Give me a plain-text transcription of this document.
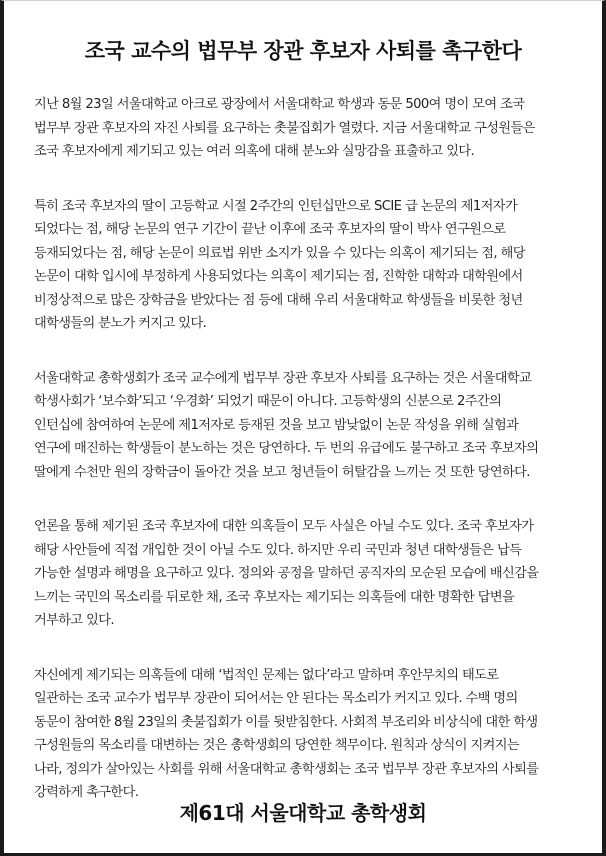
조국 교수의 법무부 장관 후보자 사퇴를 촉구한다

지난 8월 23일 서울대학교 아크로 광장에서 서울대학교 학생과 동문 500여 명이 모여 조국
법무부 장관 후보자의 자진 사퇴를 요구하는 촛불집회가 열렸다. 지금 서울대학교 구성원들은
조국 후보자에게 제기되고 있는 여러 의혹에 대해 분노와 실망감을 표출하고 있다.

특히 조국 후보자의 딸이 고등학교 시절 2주간의 인턴십만으로 SCIE 급 논문의 제1저자가
되었다는 점, 해당 논문의 연구 기간이 끝난 이후에 조국 후보자의 딸이 박사 연구원으로
등재되었다는 점, 해당 논문이 의료법 위반 소지가 있을 수 있다는 의혹이 제기되는 점, 해당
논문이 대학 입시에 부정하게 사용되었다는 의혹이 제기되는 점, 진학한 대학과 대학원에서
비정상적으로 많은 장학금을 받았다는 점 등에 대해 우리 서울대학교 학생들을 비롯한 청년
대학생들의 분노가 커지고 있다.

서울대학교 총학생회가 조국 교수에게 법무부 장관 후보자 사퇴를 요구하는 것은 서울대학교
학생사회가 ‘보수화’되고 ‘우경화’ 되었기 때문이 아니다. 고등학생의 신분으로 2주간의
인턴십에 참여하여 논문에 제1저자로 등재된 것을 보고 밤낮없이 논문 작성을 위해 실험과
연구에 매진하는 학생들이 분노하는 것은 당연하다. 두 번의 유급에도 불구하고 조국 후보자의
딸에게 수천만 원의 장학금이 돌아간 것을 보고 청년들이 허탈감을 느끼는 것 또한 당연하다.

언론을 통해 제기된 조국 후보자에 대한 의혹들이 모두 사실은 아닐 수도 있다. 조국 후보자가
해당 사안들에 직접 개입한 것이 아닐 수도 있다. 하지만 우리 국민과 청년 대학생들은 납득
가능한 설명과 해명을 요구하고 있다. 정의와 공정을 말하던 공직자의 모순된 모습에 배신감을
느끼는 국민의 목소리를 뒤로한 채, 조국 후보자는 제기되는 의혹들에 대한 명확한 답변을
거부하고 있다.

자신에게 제기되는 의혹들에 대해 ‘법적인 문제는 없다’라고 말하며 후안무치의 태도로
일관하는 조국 교수가 법무부 장관이 되어서는 안 된다는 목소리가 커지고 있다. 수백 명의
동문이 참여한 8월 23일의 촛불집회가 이를 뒷받침한다. 사회적 부조리와 비상식에 대한 학생
구성원들의 목소리를 대변하는 것은 총학생회의 당연한 책무이다. 원칙과 상식이 지켜지는
나라, 정의가 살아있는 사회를 위해 서울대학교 총학생회는 조국 법무부 장관 후보자의 사퇴를
강력하게 촉구한다.

제61대 서울대학교 총학생회
